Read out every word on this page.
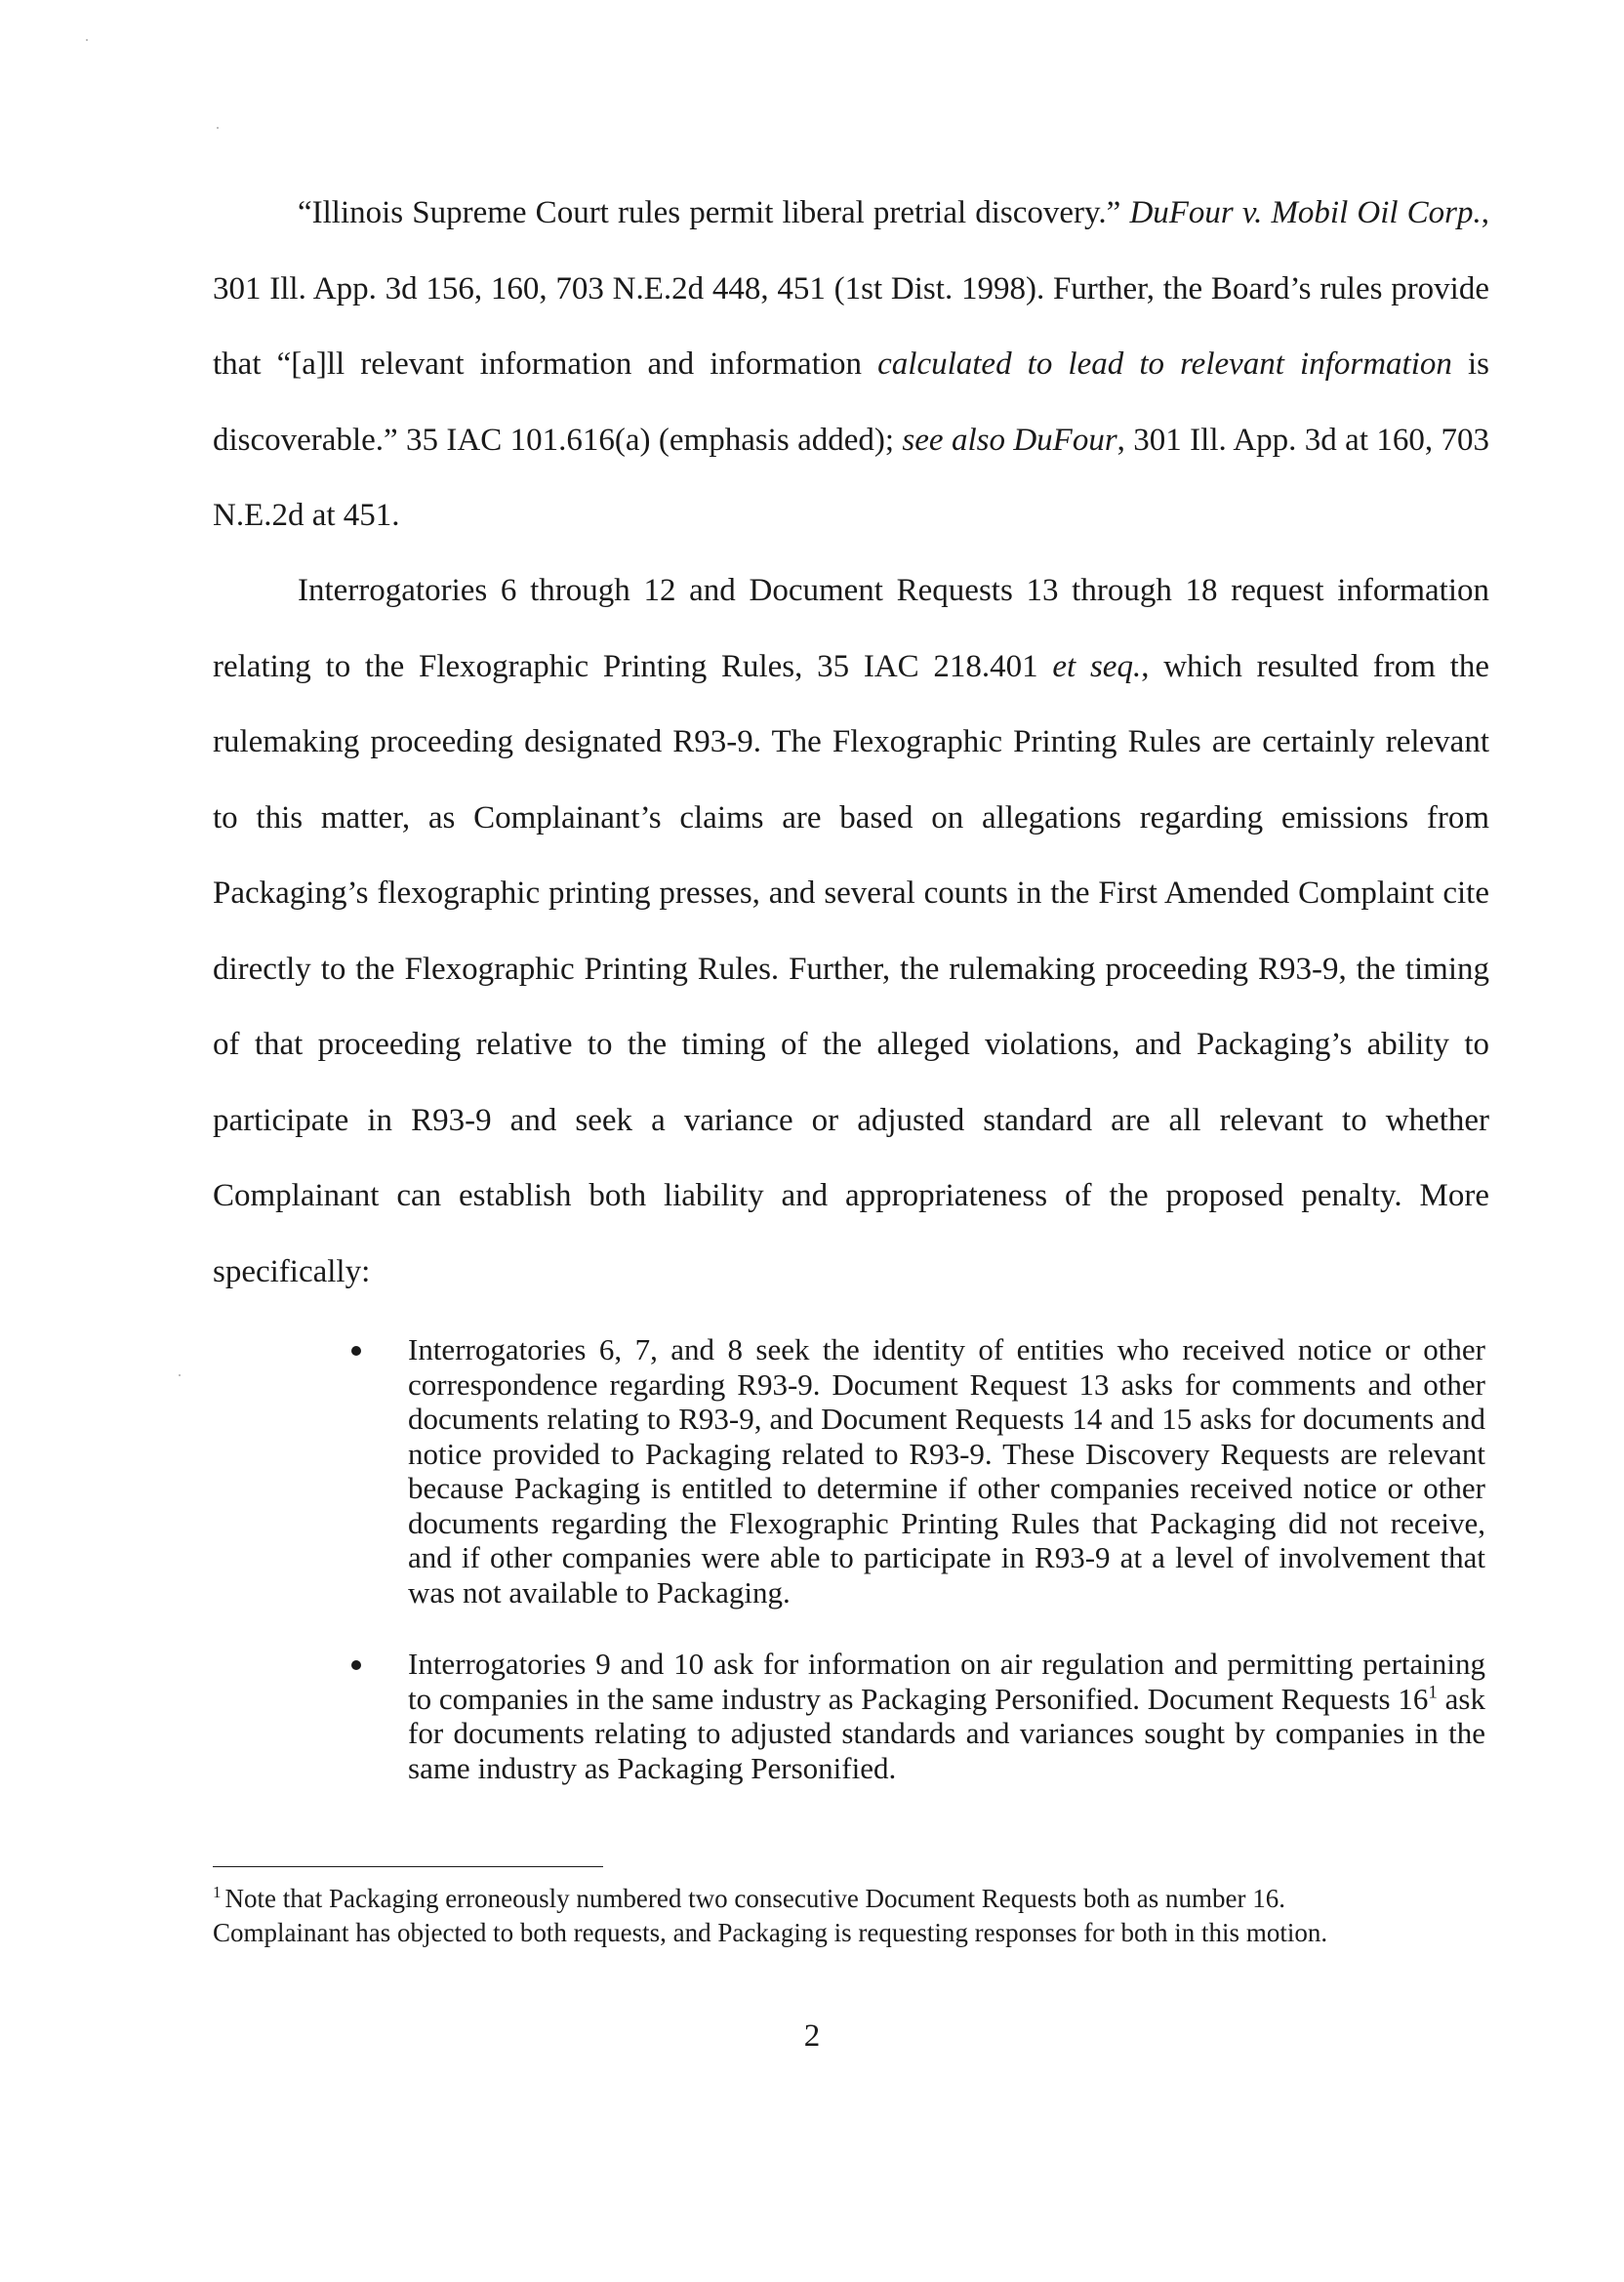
“Illinois Supreme Court rules permit liberal pretrial discovery.” DuFour v. Mobil Oil Corp., 301 Ill. App. 3d 156, 160, 703 N.E.2d 448, 451 (1st Dist. 1998). Further, the Board’s rules provide that “[a]ll relevant information and information calculated to lead to relevant information is discoverable.” 35 IAC 101.616(a) (emphasis added); see also DuFour, 301 Ill. App. 3d at 160, 703 N.E.2d at 451.

Interrogatories 6 through 12 and Document Requests 13 through 18 request information relating to the Flexographic Printing Rules, 35 IAC 218.401 et seq., which resulted from the rulemaking proceeding designated R93-9. The Flexographic Printing Rules are certainly relevant to this matter, as Complainant’s claims are based on allegations regarding emissions from Packaging’s flexographic printing presses, and several counts in the First Amended Complaint cite directly to the Flexographic Printing Rules. Further, the rulemaking proceeding R93-9, the timing of that proceeding relative to the timing of the alleged violations, and Packaging’s ability to participate in R93-9 and seek a variance or adjusted standard are all relevant to whether Complainant can establish both liability and appropriateness of the proposed penalty. More specifically:

Interrogatories 6, 7, and 8 seek the identity of entities who received notice or other correspondence regarding R93-9. Document Request 13 asks for comments and other documents relating to R93-9, and Document Requests 14 and 15 asks for documents and notice provided to Packaging related to R93-9. These Discovery Requests are relevant because Packaging is entitled to determine if other companies received notice or other documents regarding the Flexographic Printing Rules that Packaging did not receive, and if other companies were able to participate in R93-9 at a level of involvement that was not available to Packaging.
Interrogatories 9 and 10 ask for information on air regulation and permitting pertaining to companies in the same industry as Packaging Personified. Document Requests 16$^1$ ask for documents relating to adjusted standards and variances sought by companies in the same industry as Packaging Personified.

$^1$ Note that Packaging erroneously numbered two consecutive Document Requests both as number 16.
Complainant has objected to both requests, and Packaging is requesting responses for both in this motion.

2
